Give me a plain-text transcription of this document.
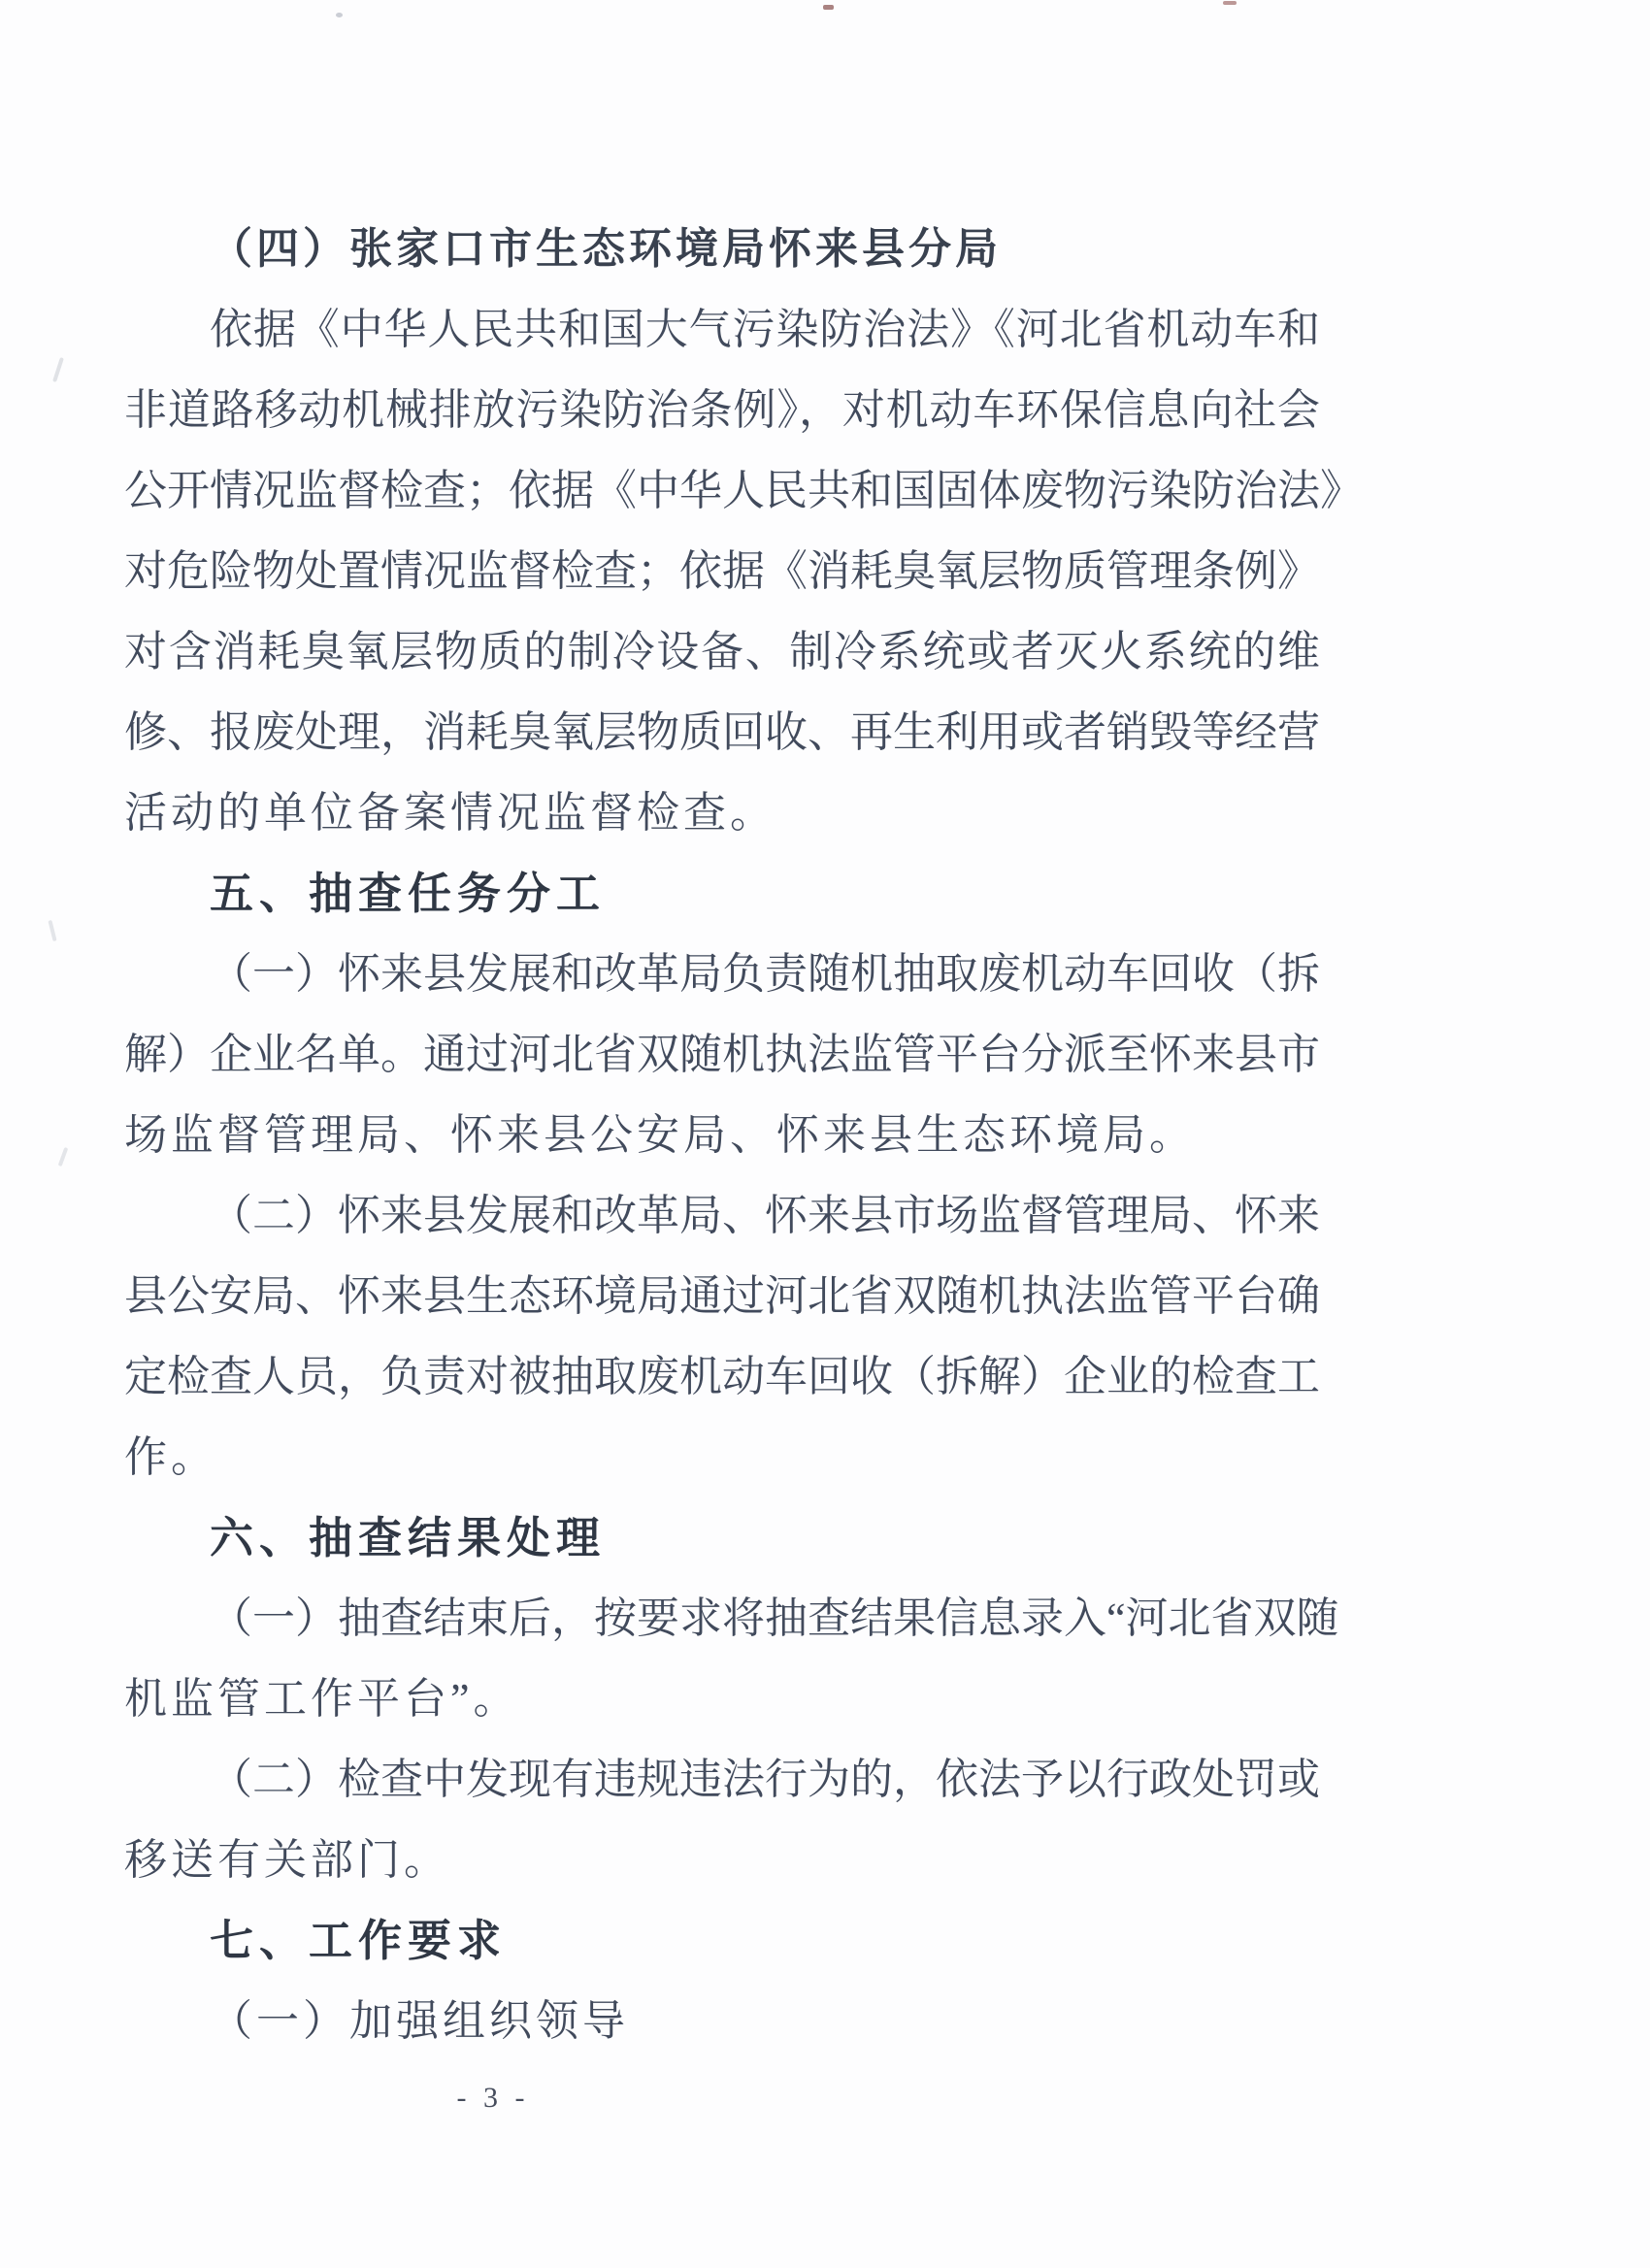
（四）张家口市生态环境局怀来县分局
依据《中华人民共和国大气污染防治法》《河北省机动车和
非道路移动机械排放污染防治条例》，对机动车环保信息向社会
公开情况监督检查；依据《中华人民共和国固体废物污染防治法》
对危险物处置情况监督检查；依据《消耗臭氧层物质管理条例》
对含消耗臭氧层物质的制冷设备、制冷系统或者灭火系统的维
修、报废处理，消耗臭氧层物质回收、再生利用或者销毁等经营
活动的单位备案情况监督检查。
五、抽查任务分工
（一）怀来县发展和改革局负责随机抽取废机动车回收（拆
解）企业名单。通过河北省双随机执法监管平台分派至怀来县市
场监督管理局、怀来县公安局、怀来县生态环境局。
（二）怀来县发展和改革局、怀来县市场监督管理局、怀来
县公安局、怀来县生态环境局通过河北省双随机执法监管平台确
定检查人员，负责对被抽取废机动车回收（拆解）企业的检查工
作。
六、抽查结果处理
（一）抽查结束后，按要求将抽查结果信息录入“河北省双随
机监管工作平台”。
（二）检查中发现有违规违法行为的，依法予以行政处罚或
移送有关部门。
七、工作要求
（一）加强组织领导
- 3 -
